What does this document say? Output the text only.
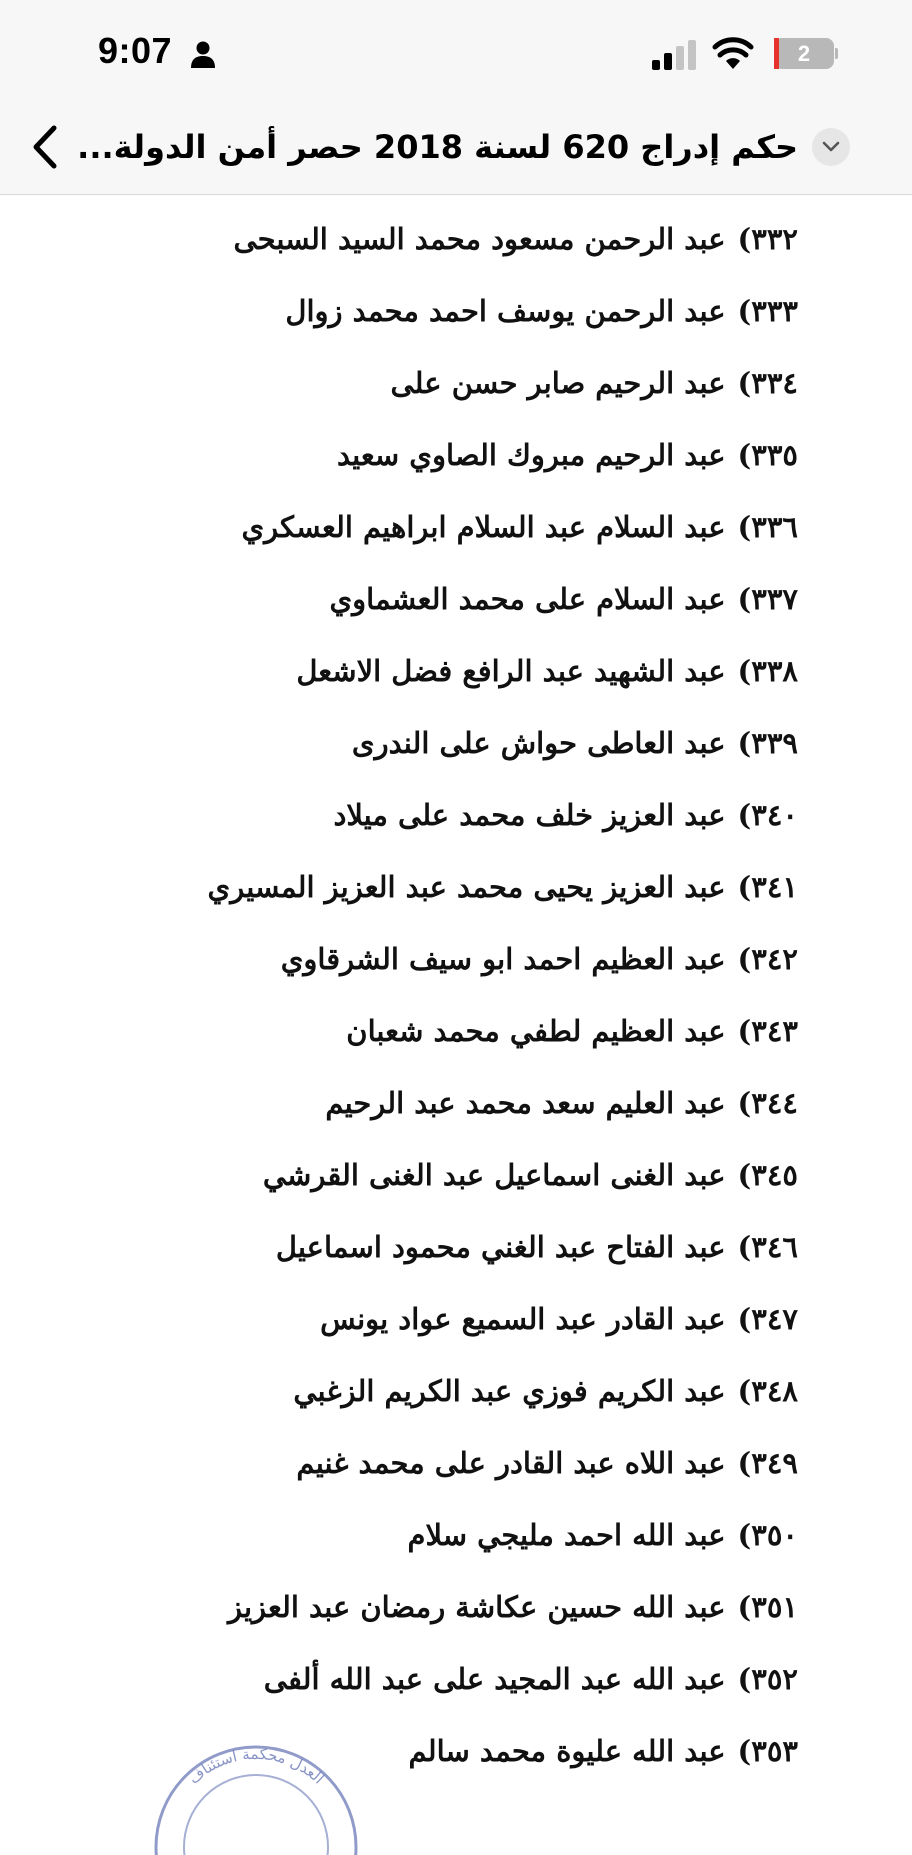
9:07	2
حكم إدراج 620 لسنة 2018 حصر أمن الدولة...
٣٣٢)عبد الرحمن مسعود محمد السيد السبحى
٣٣٣)عبد الرحمن يوسف احمد محمد زوال
٣٣٤)عبد الرحيم صابر حسن على
٣٣٥)عبد الرحيم مبروك الصاوي سعيد
٣٣٦)عبد السلام عبد السلام ابراهيم العسكري
٣٣٧)عبد السلام على محمد العشماوي
٣٣٨)عبد الشهيد عبد الرافع فضل الاشعل
٣٣٩)عبد العاطى حواش على الندرى
٣٤٠)عبد العزيز خلف محمد على ميلاد
٣٤١)عبد العزيز يحيى محمد عبد العزيز المسيري
٣٤٢)عبد العظيم احمد ابو سيف الشرقاوي
٣٤٣)عبد العظيم لطفي محمد شعبان
٣٤٤)عبد العليم سعد محمد عبد الرحيم
٣٤٥)عبد الغنى اسماعيل عبد الغنى القرشي
٣٤٦)عبد الفتاح عبد الغني محمود اسماعيل
٣٤٧)عبد القادر عبد السميع عواد يونس
٣٤٨)عبد الكريم فوزي عبد الكريم الزغبي
٣٤٩)عبد اللاه عبد القادر على محمد غنيم
٣٥٠)عبد الله احمد مليجي سلام
٣٥١)عبد الله حسين عكاشة رمضان عبد العزيز
٣٥٢)عبد الله عبد المجيد على عبد الله ألفى
٣٥٣)عبد الله عليوة محمد سالم
العدل محكمة استئناف
